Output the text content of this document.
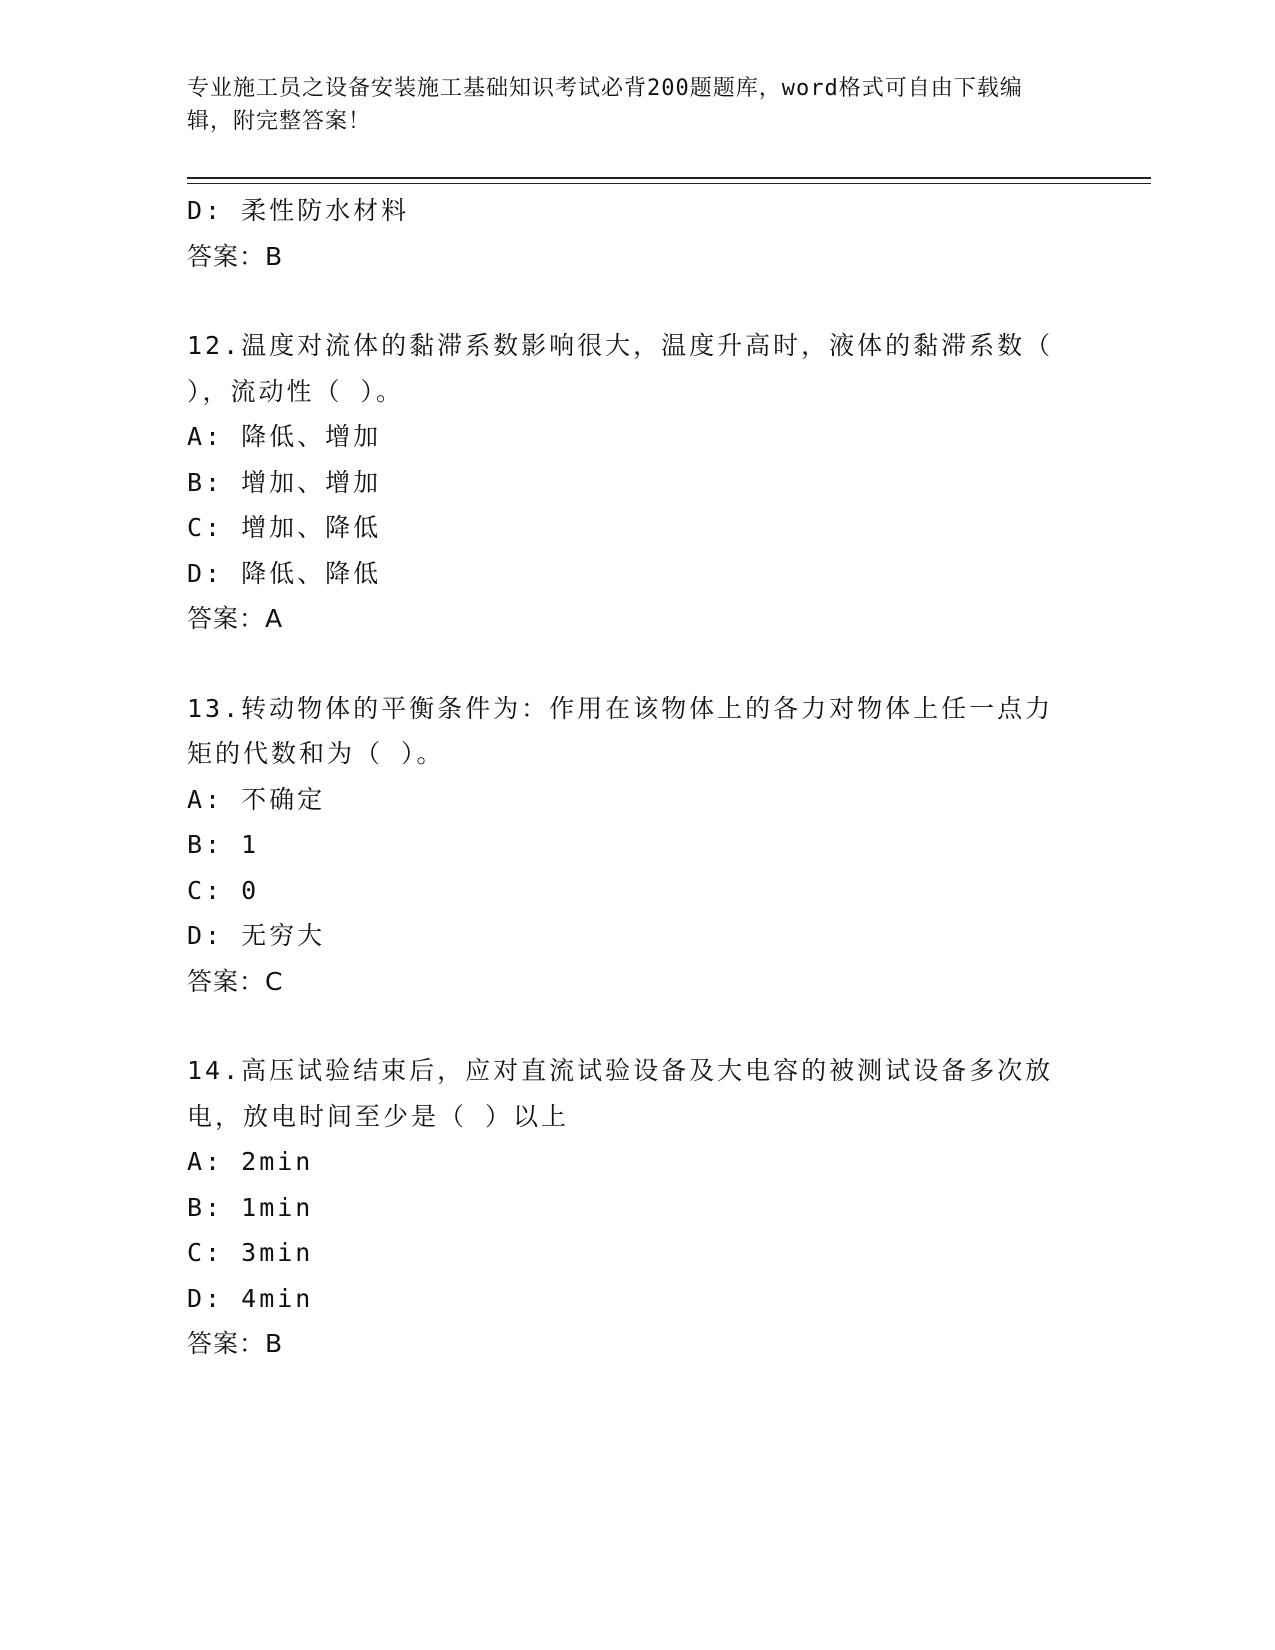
专业施工员之设备安装施工基础知识考试必背200题题库，word格式可自由下载编辑，附完整答案！
D: 柔性防水材料
答案：B
12.温度对流体的黏滞系数影响很大，温度升高时，液体的黏滞系数（
），流动性（ ）。
A: 降低、增加
B: 增加、增加
C: 增加、降低
D: 降低、降低
答案：A
13.转动物体的平衡条件为：作用在该物体上的各力对物体上任一点力
矩的代数和为（ ）。
A: 不确定
B: 1
C: 0
D: 无穷大
答案：C
14.高压试验结束后，应对直流试验设备及大电容的被测试设备多次放
电，放电时间至少是（ ）以上
A: 2min
B: 1min
C: 3min
D: 4min
答案：B
